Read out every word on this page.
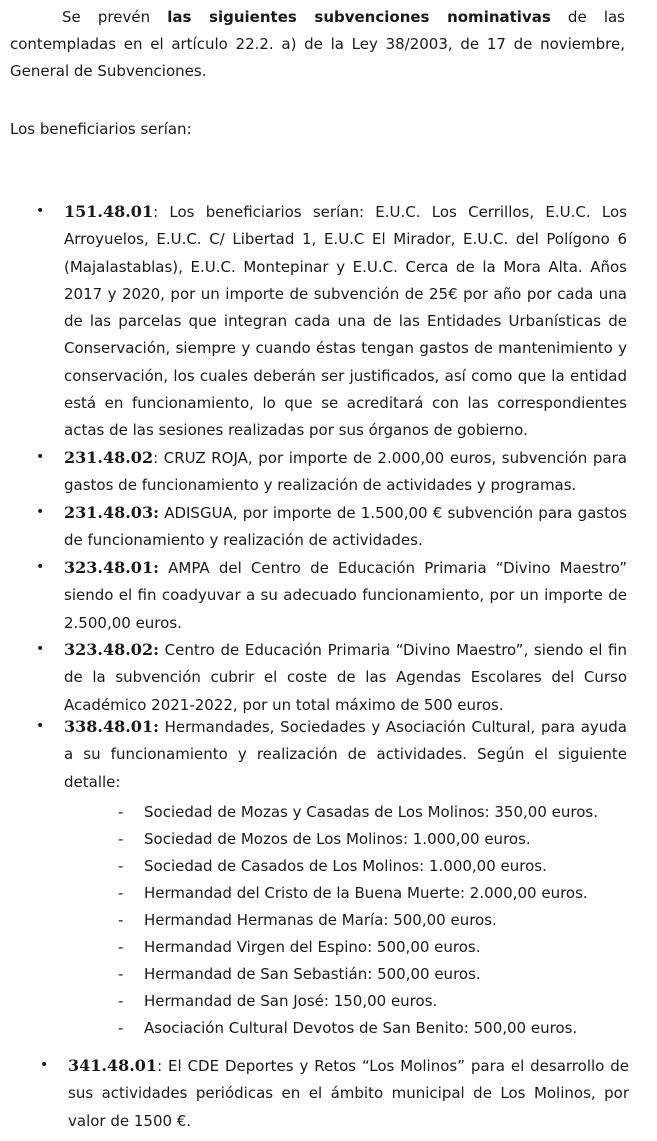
Se prevén las siguientes subvenciones nominativas de las contempladas en el artículo 22.2. a) de la Ley 38/2003, de 17 de noviembre, General de Subvenciones.

Los beneficiarios serían:

• 151.48.01: Los beneficiarios serían: E.U.C. Los Cerrillos, E.U.C. Los Arroyuelos, E.U.C. C/ Libertad 1, E.U.C El Mirador, E.U.C. del Polígono 6 (Majalastablas), E.U.C. Montepinar y E.U.C. Cerca de la Mora Alta. Años 2017 y 2020, por un importe de subvención de 25€ por año por cada una de las parcelas que integran cada una de las Entidades Urbanísticas de Conservación, siempre y cuando éstas tengan gastos de mantenimiento y conservación, los cuales deberán ser justificados, así como que la entidad está en funcionamiento, lo que se acreditará con las correspondientes actas de las sesiones realizadas por sus órganos de gobierno.

• 231.48.02: CRUZ ROJA, por importe de 2.000,00 euros, subvención para gastos de funcionamiento y realización de actividades y programas.

• 231.48.03: ADISGUA, por importe de 1.500,00 € subvención para gastos de funcionamiento y realización de actividades.

• 323.48.01: AMPA del Centro de Educación Primaria “Divino Maestro” siendo el fin coadyuvar a su adecuado funcionamiento, por un importe de 2.500,00 euros.

• 323.48.02: Centro de Educación Primaria “Divino Maestro”, siendo el fin de la subvención cubrir el coste de las Agendas Escolares del Curso Académico 2021-2022, por un total máximo de 500 euros.

• 338.48.01: Hermandades, Sociedades y Asociación Cultural, para ayuda a su funcionamiento y realización de actividades. Según el siguiente detalle:

- Sociedad de Mozas y Casadas de Los Molinos: 350,00 euros.
- Sociedad de Mozos de Los Molinos: 1.000,00 euros.
- Sociedad de Casados de Los Molinos: 1.000,00 euros.
- Hermandad del Cristo de la Buena Muerte: 2.000,00 euros.
- Hermandad Hermanas de María: 500,00 euros.
- Hermandad Virgen del Espino: 500,00 euros.
- Hermandad de San Sebastián: 500,00 euros.
- Hermandad de San José: 150,00 euros.
- Asociación Cultural Devotos de San Benito: 500,00 euros.
• 341.48.01: El CDE Deportes y Retos “Los Molinos” para el desarrollo de sus actividades periódicas en el ámbito municipal de Los Molinos, por valor de 1500 €.
